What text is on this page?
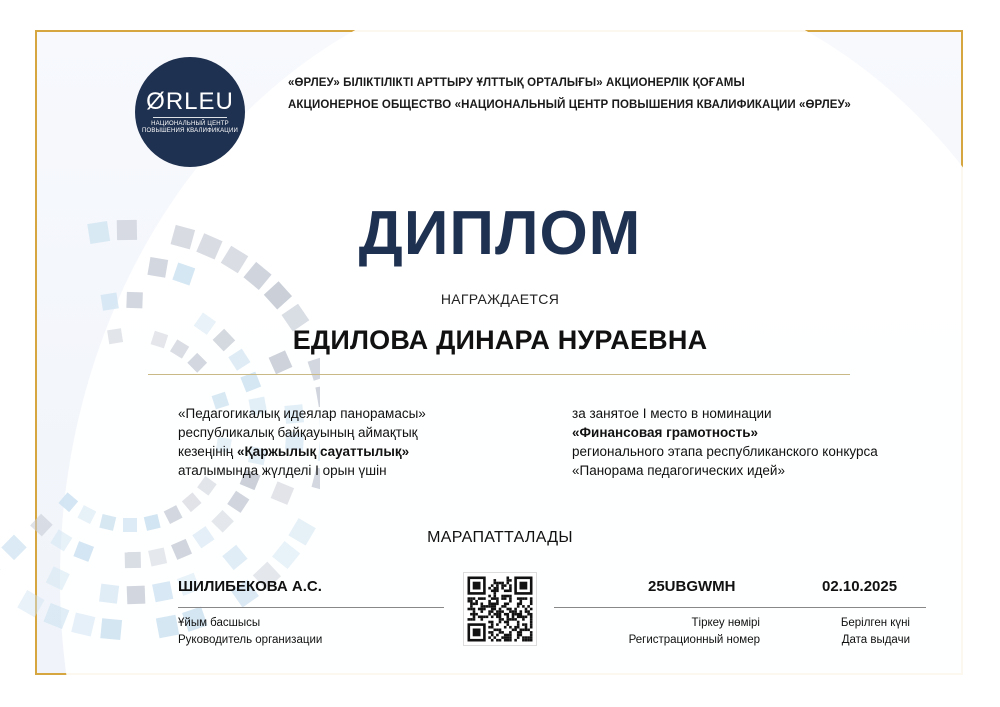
ØRLEU
НАЦИОНАЛЬНЫЙ ЦЕНТР
ПОВЫШЕНИЯ КВАЛИФИКАЦИИ
«ӨРЛЕУ» БІЛІКТІЛІКТІ АРТТЫРУ ҰЛТТЫҚ ОРТАЛЫҒЫ» АКЦИОНЕРЛІК ҚОҒАМЫ
АКЦИОНЕРНОЕ ОБЩЕСТВО «НАЦИОНАЛЬНЫЙ ЦЕНТР ПОВЫШЕНИЯ КВАЛИФИКАЦИИ «ӨРЛЕУ»
ДИПЛОМ
НАГРАЖДАЕТСЯ
ЕДИЛОВА ДИНАРА НУРАЕВНА
«Педагогикалық идеялар панорамасы»
республикалық байқауының аймақтық
кезеңінің «Қаржылық сауаттылық»
аталымында жүлделі I орын үшін
за занятое I место в номинации
«Финансовая грамотность»
регионального этапа республиканского конкурса
«Панорама педагогических идей»
МАРАПАТТАЛАДЫ
ШИЛИБЕКОВА А.С.
Ұйым басшысы
Руководитель организации
25UBGWMH	02.10.2025
Тіркеу нөмірі
Регистрационный номер
Берілген күні
Дата выдачи
